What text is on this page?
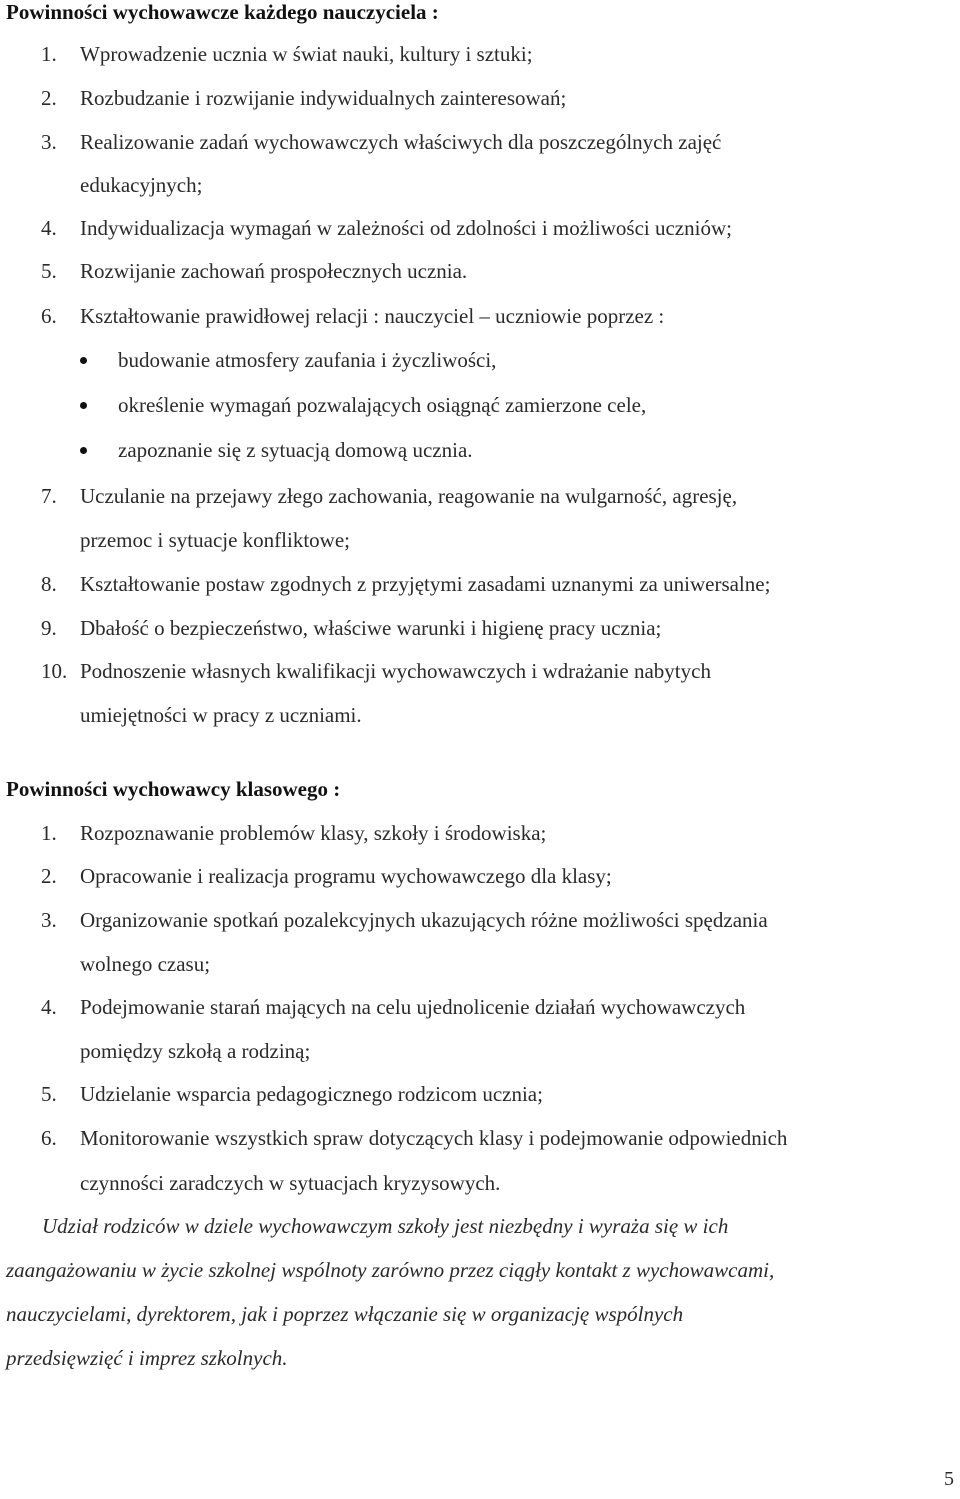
Powinności wychowawcze każdego nauczyciela :
1. Wprowadzenie ucznia w świat nauki, kultury i sztuki;
2. Rozbudzanie i rozwijanie indywidualnych zainteresowań;
3. Realizowanie zadań wychowawczych właściwych dla poszczególnych zajęć
edukacyjnych;
4. Indywidualizacja wymagań w zależności od zdolności i możliwości uczniów;
5. Rozwijanie zachowań prospołecznych ucznia.
6. Kształtowanie prawidłowej relacji : nauczyciel – uczniowie poprzez :
budowanie atmosfery zaufania i życzliwości,
określenie wymagań pozwalających osiągnąć zamierzone cele,
zapoznanie się z sytuacją domową ucznia.
7. Uczulanie na przejawy złego zachowania, reagowanie na wulgarność, agresję,
przemoc i sytuacje konfliktowe;
8. Kształtowanie postaw zgodnych z przyjętymi zasadami uznanymi za uniwersalne;
9. Dbałość o bezpieczeństwo, właściwe warunki i higienę pracy ucznia;
10. Podnoszenie własnych kwalifikacji wychowawczych i wdrażanie nabytych
umiejętności w pracy z uczniami.
Powinności wychowawcy klasowego :
1. Rozpoznawanie problemów klasy, szkoły i środowiska;
2. Opracowanie i realizacja programu wychowawczego dla klasy;
3. Organizowanie spotkań pozalekcyjnych ukazujących różne możliwości spędzania
wolnego czasu;
4. Podejmowanie starań mających na celu ujednolicenie działań wychowawczych
pomiędzy szkołą a rodziną;
5. Udzielanie wsparcia pedagogicznego rodzicom ucznia;
6. Monitorowanie wszystkich spraw dotyczących klasy i podejmowanie odpowiednich
czynności zaradczych w sytuacjach kryzysowych.
Udział rodziców w dziele wychowawczym szkoły jest niezbędny i wyraża się w ich
zaangażowaniu w życie szkolnej wspólnoty zarówno przez ciągły kontakt z wychowawcami,
nauczycielami, dyrektorem, jak i poprzez włączanie się w organizację wspólnych
przedsięwzięć i imprez szkolnych.
5
